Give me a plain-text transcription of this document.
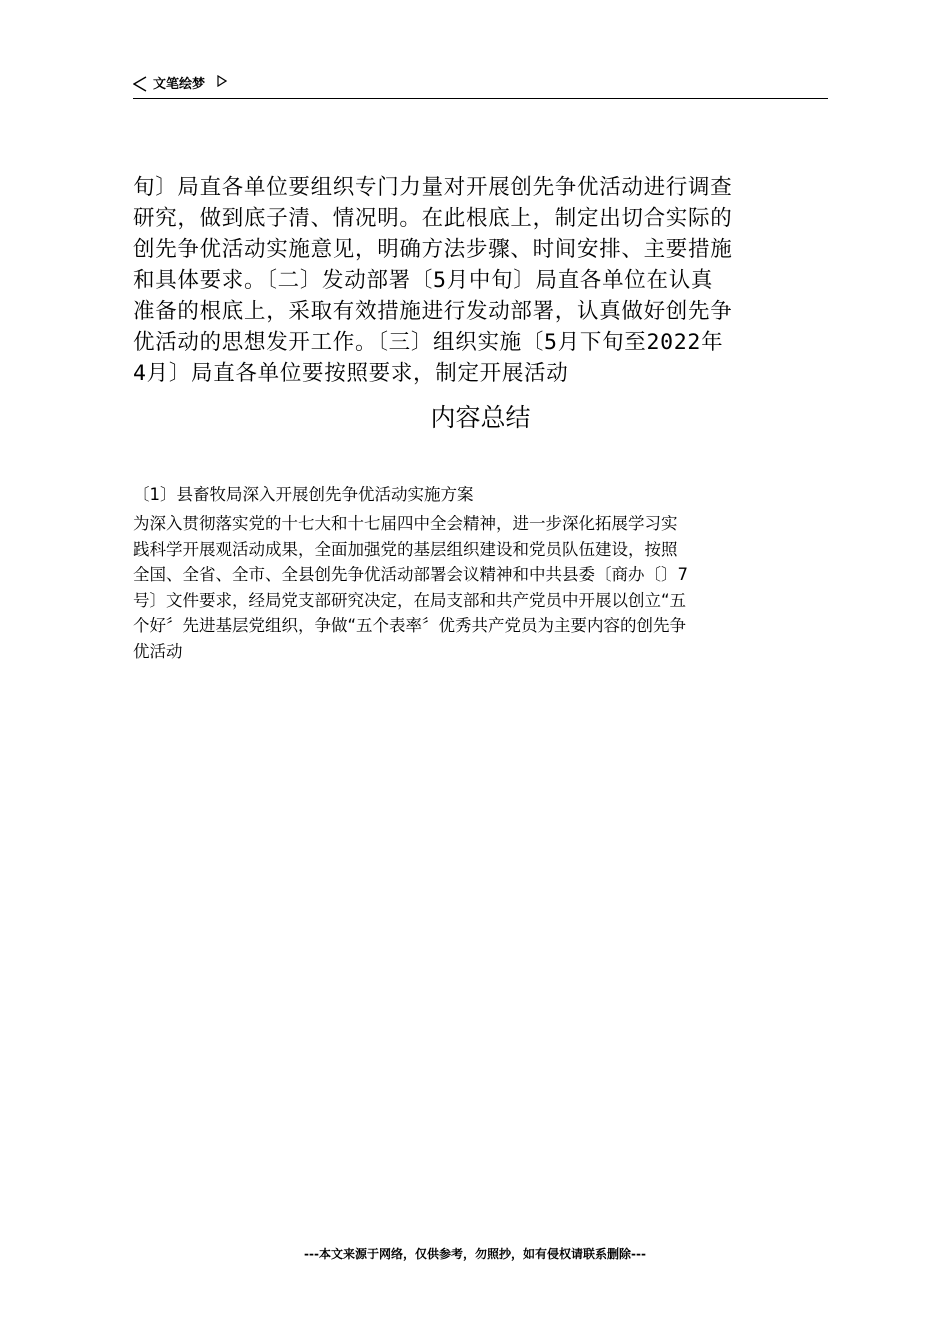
文笔绘梦
旬〕局直各单位要组织专门力量对开展创先争优活动进行调查
研究，做到底子清、情况明。在此根底上，制定出切合实际的
创先争优活动实施意见，明确方法步骤、时间安排、主要措施
和具体要求。〔二〕发动部署〔5月中旬〕局直各单位在认真
准备的根底上，采取有效措施进行发动部署，认真做好创先争
优活动的思想发开工作。〔三〕组织实施〔5月下旬至2022年
4月〕局直各单位要按照要求，制定开展活动
内容总结
〔1〕县畜牧局深入开展创先争优活动实施方案
为深入贯彻落实党的十七大和十七届四中全会精神，进一步深化拓展学习实
践科学开展观活动成果，全面加强党的基层组织建设和党员队伍建设，按照
全国、全省、全市、全县创先争优活动部署会议精神和中共县委〔商办〔〕7
号〕文件要求，经局党支部研究决定，在局支部和共产党员中开展以创立“五
个好〞先进基层党组织，争做“五个表率〞优秀共产党员为主要内容的创先争
优活动
---本文来源于网络，仅供参考，勿照抄，如有侵权请联系删除---
